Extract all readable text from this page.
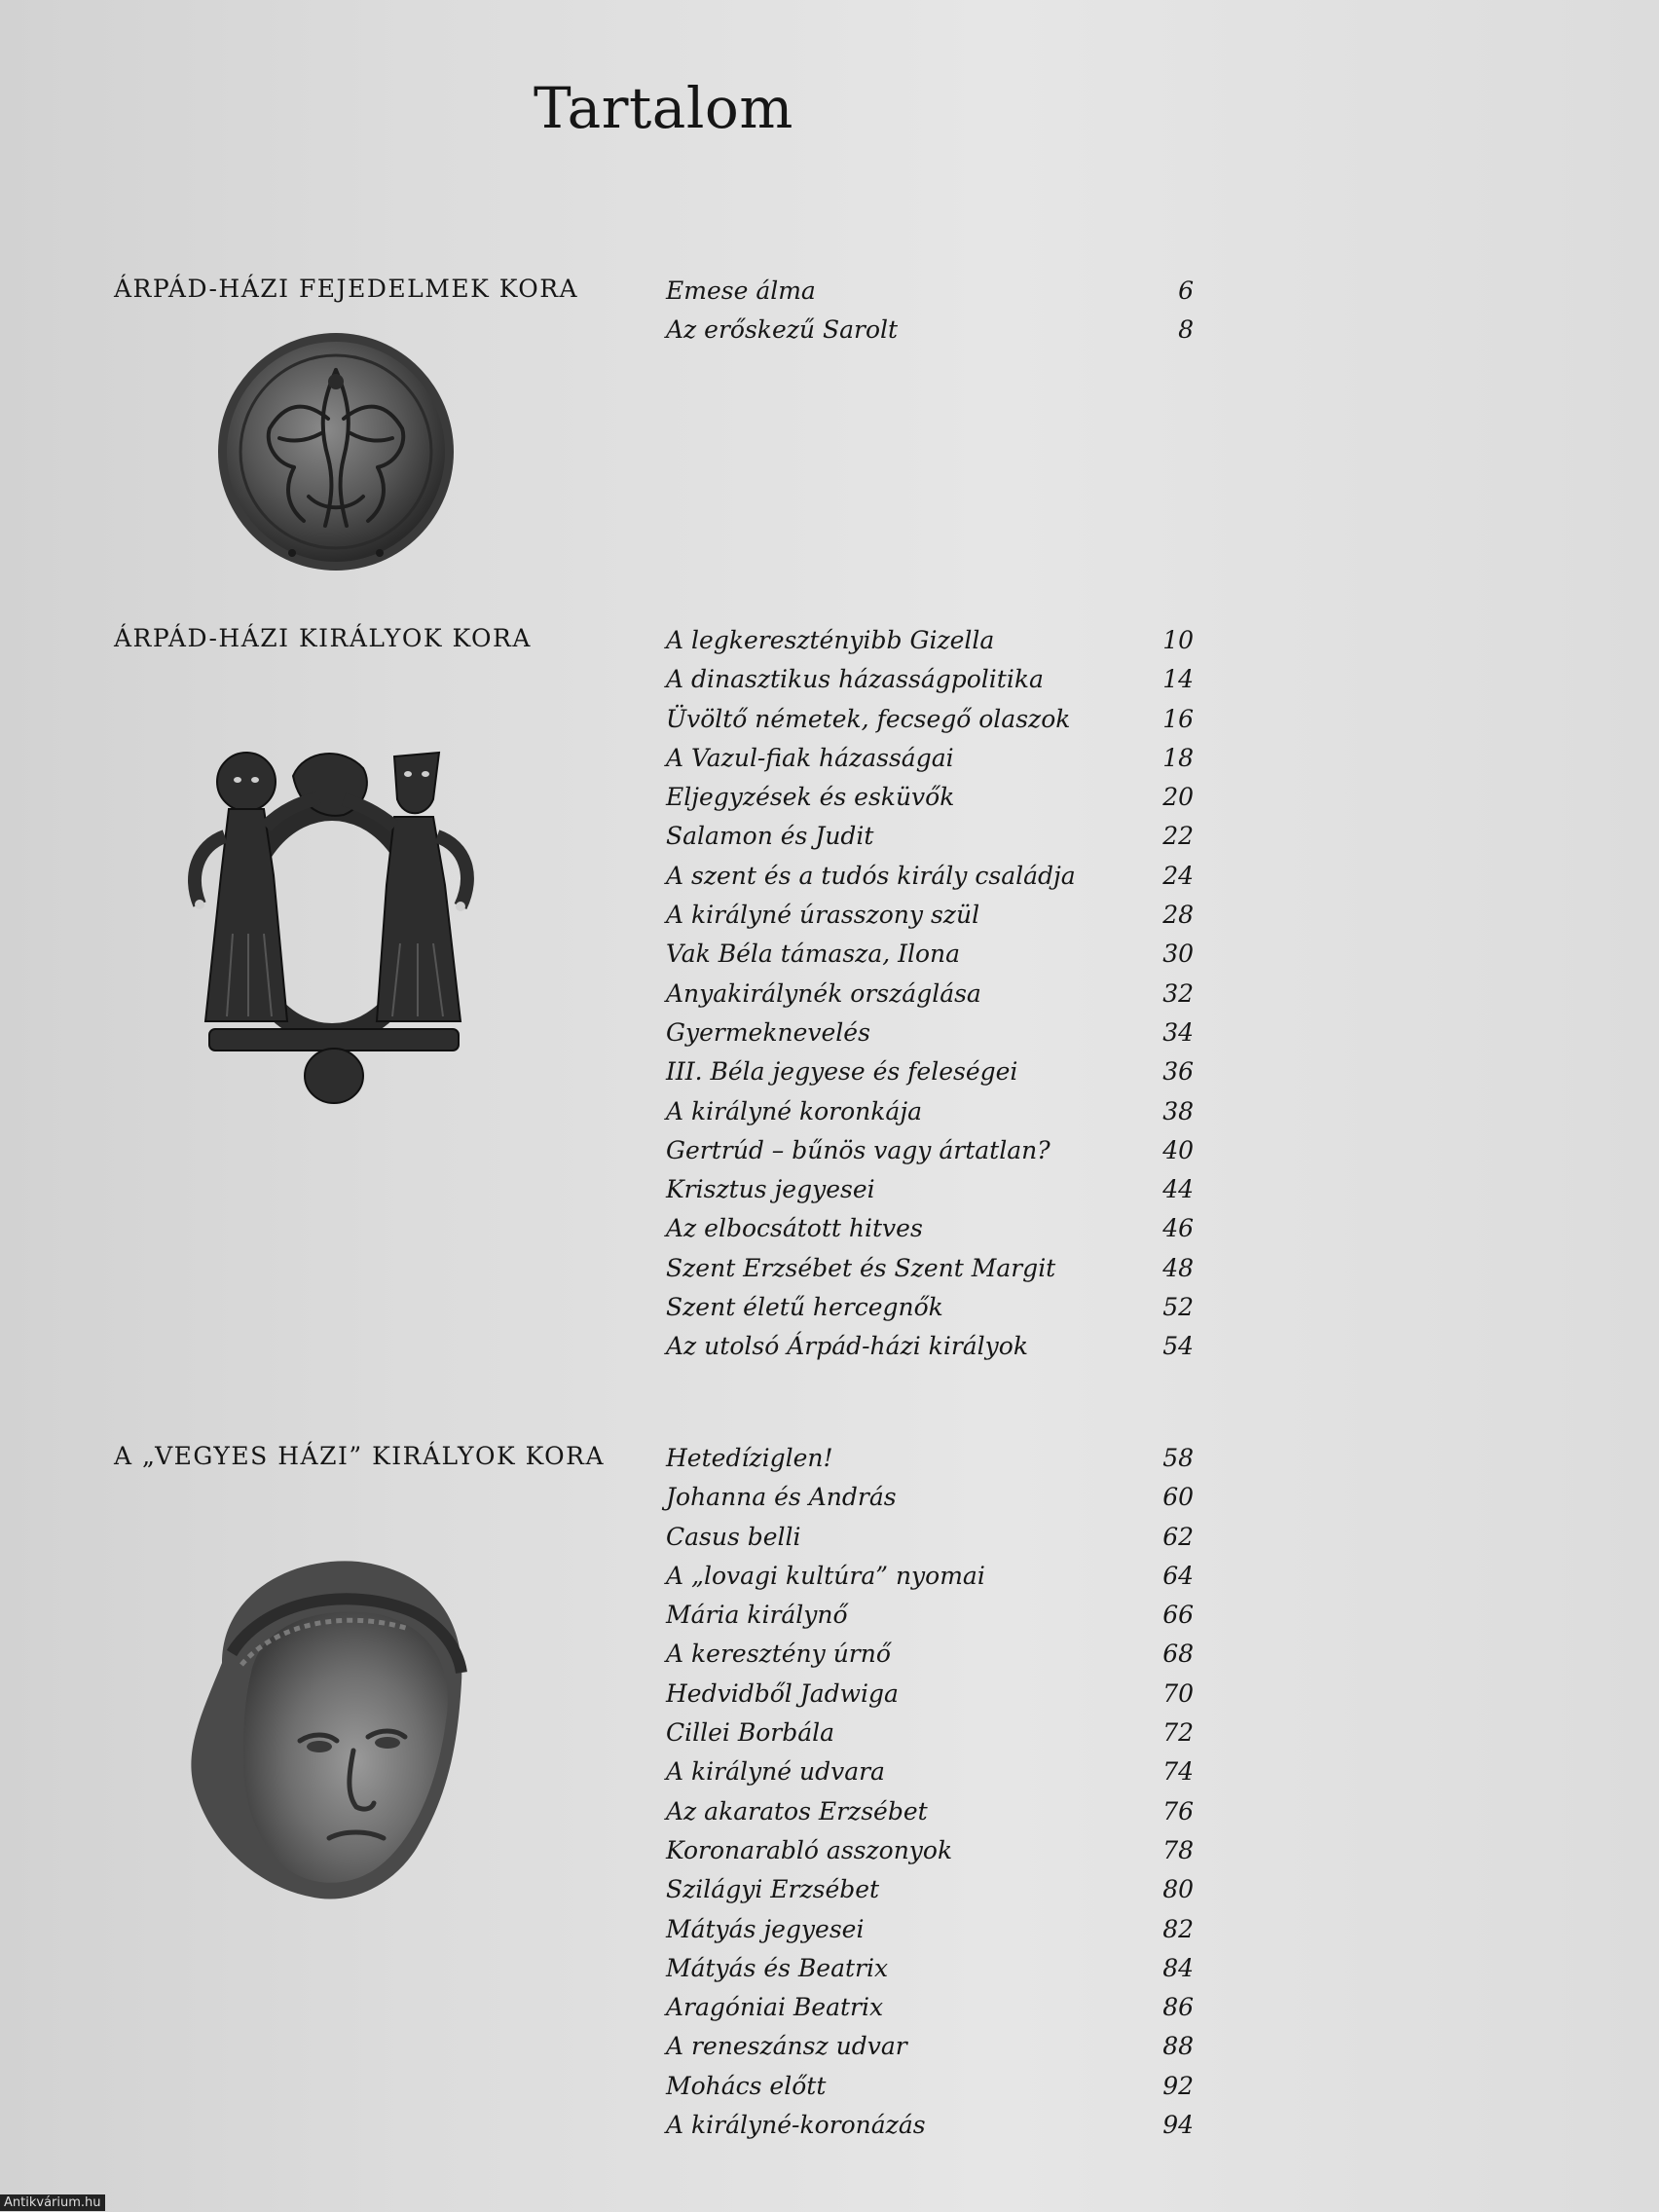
Tartalom
ÁRPÁD-HÁZI FEJEDELMEK KORA	Emese álma	6
Az erőskezű Sarolt	8
ÁRPÁD-HÁZI KIRÁLYOK KORA	A legkeresztényibb Gizella	10
A dinasztikus házasságpolitika	14
Üvöltő németek, fecsegő olaszok	16
A Vazul-fiak házasságai	18
Eljegyzések és esküvők	20
Salamon és Judit	22
A szent és a tudós király családja	24
A királyné úrasszony szül	28
Vak Béla támasza, Ilona	30
Anyakirálynék országlása	32
Gyermeknevelés	34
III. Béla jegyese és feleségei	36
A királyné koronkája	38
Gertrúd – bűnös vagy ártatlan?	40
Krisztus jegyesei	44
Az elbocsátott hitves	46
Szent Erzsébet és Szent Margit	48
Szent életű hercegnők	52
Az utolsó Árpád-házi királyok	54
A „VEGYES HÁZI” KIRÁLYOK KORA	Hetedíziglen!	58
Johanna és András	60
Casus belli	62
A „lovagi kultúra” nyomai	64
Mária királynő	66
A keresztény úrnő	68
Hedvidből Jadwiga	70
Cillei Borbála	72
A királyné udvara	74
Az akaratos Erzsébet	76
Koronarabló asszonyok	78
Szilágyi Erzsébet	80
Mátyás jegyesei	82
Mátyás és Beatrix	84
Aragóniai Beatrix	86
A reneszánsz udvar	88
Mohács előtt	92
A királyné-koronázás	94
Antikvárium.hu
